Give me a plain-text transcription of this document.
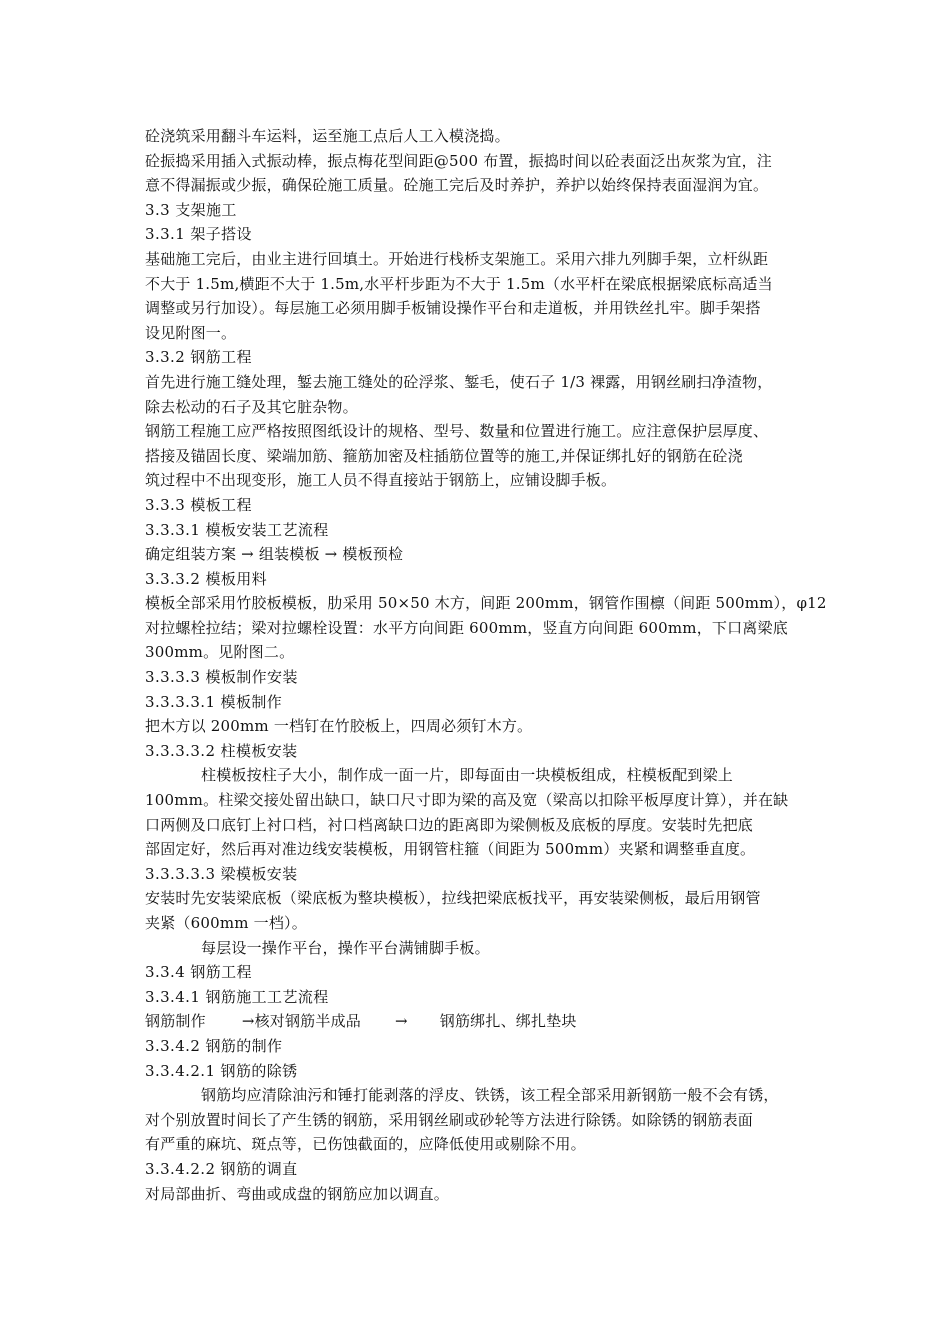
砼浇筑采用翻斗车运料，运至施工点后人工入模浇捣。
砼振捣采用插入式振动棒，振点梅花型间距@500 布置，振捣时间以砼表面泛出灰浆为宜，注
意不得漏振或少振，确保砼施工质量。砼施工完后及时养护，养护以始终保持表面湿润为宜。
3.3 支架施工
3.3.1 架子搭设
基础施工完后，由业主进行回填土。开始进行栈桥支架施工。采用六排九列脚手架，立杆纵距
不大于 1.5m,横距不大于 1.5m,水平杆步距为不大于 1.5m（水平杆在梁底根据梁底标高适当
调整或另行加设）。每层施工必须用脚手板铺设操作平台和走道板，并用铁丝扎牢。脚手架搭
设见附图一。
3.3.2 钢筋工程
首先进行施工缝处理，錾去施工缝处的砼浮浆、錾毛，使石子 1/3 裸露，用钢丝刷扫净渣物，
除去松动的石子及其它脏杂物。
钢筋工程施工应严格按照图纸设计的规格、型号、数量和位置进行施工。应注意保护层厚度、
搭接及锚固长度、梁端加筋、箍筋加密及柱插筋位置等的施工,并保证绑扎好的钢筋在砼浇
筑过程中不出现变形，施工人员不得直接站于钢筋上，应铺设脚手板。
3.3.3 模板工程
3.3.3.1 模板安装工艺流程
确定组装方案 → 组装模板 → 模板预检
3.3.3.2 模板用料
模板全部采用竹胶板模板，肋采用 50×50 木方，间距 200mm，钢管作围檩（间距 500mm），φ12
对拉螺栓拉结；梁对拉螺栓设置：水平方向间距 600mm，竖直方向间距 600mm，下口离梁底
300mm。见附图二。
3.3.3.3 模板制作安装
3.3.3.3.1 模板制作
把木方以 200mm 一档钉在竹胶板上，四周必须钉木方。
3.3.3.3.2 柱模板安装
柱模板按柱子大小，制作成一面一片，即每面由一块模板组成，柱模板配到梁上
100mm。柱梁交接处留出缺口，缺口尺寸即为梁的高及宽（梁高以扣除平板厚度计算），并在缺
口两侧及口底钉上衬口档，衬口档离缺口边的距离即为梁侧板及底板的厚度。安装时先把底
部固定好，然后再对准边线安装模板，用钢管柱箍（间距为 500mm）夹紧和调整垂直度。
3.3.3.3.3 梁模板安装
安装时先安装梁底板（梁底板为整块模板），拉线把梁底板找平，再安装梁侧板，最后用钢管
夹紧（600mm 一档）。
每层设一操作平台，操作平台满铺脚手板。
3.3.4 钢筋工程
3.3.4.1 钢筋施工工艺流程
钢筋制作 →核对钢筋半成品 → 钢筋绑扎、绑扎垫块
3.3.4.2 钢筋的制作
3.3.4.2.1 钢筋的除锈
钢筋均应清除油污和锤打能剥落的浮皮、铁锈，该工程全部采用新钢筋一般不会有锈，
对个别放置时间长了产生锈的钢筋，采用钢丝刷或砂轮等方法进行除锈。如除锈的钢筋表面
有严重的麻坑、斑点等，已伤蚀截面的，应降低使用或剔除不用。
3.3.4.2.2 钢筋的调直
对局部曲折、弯曲或成盘的钢筋应加以调直。
